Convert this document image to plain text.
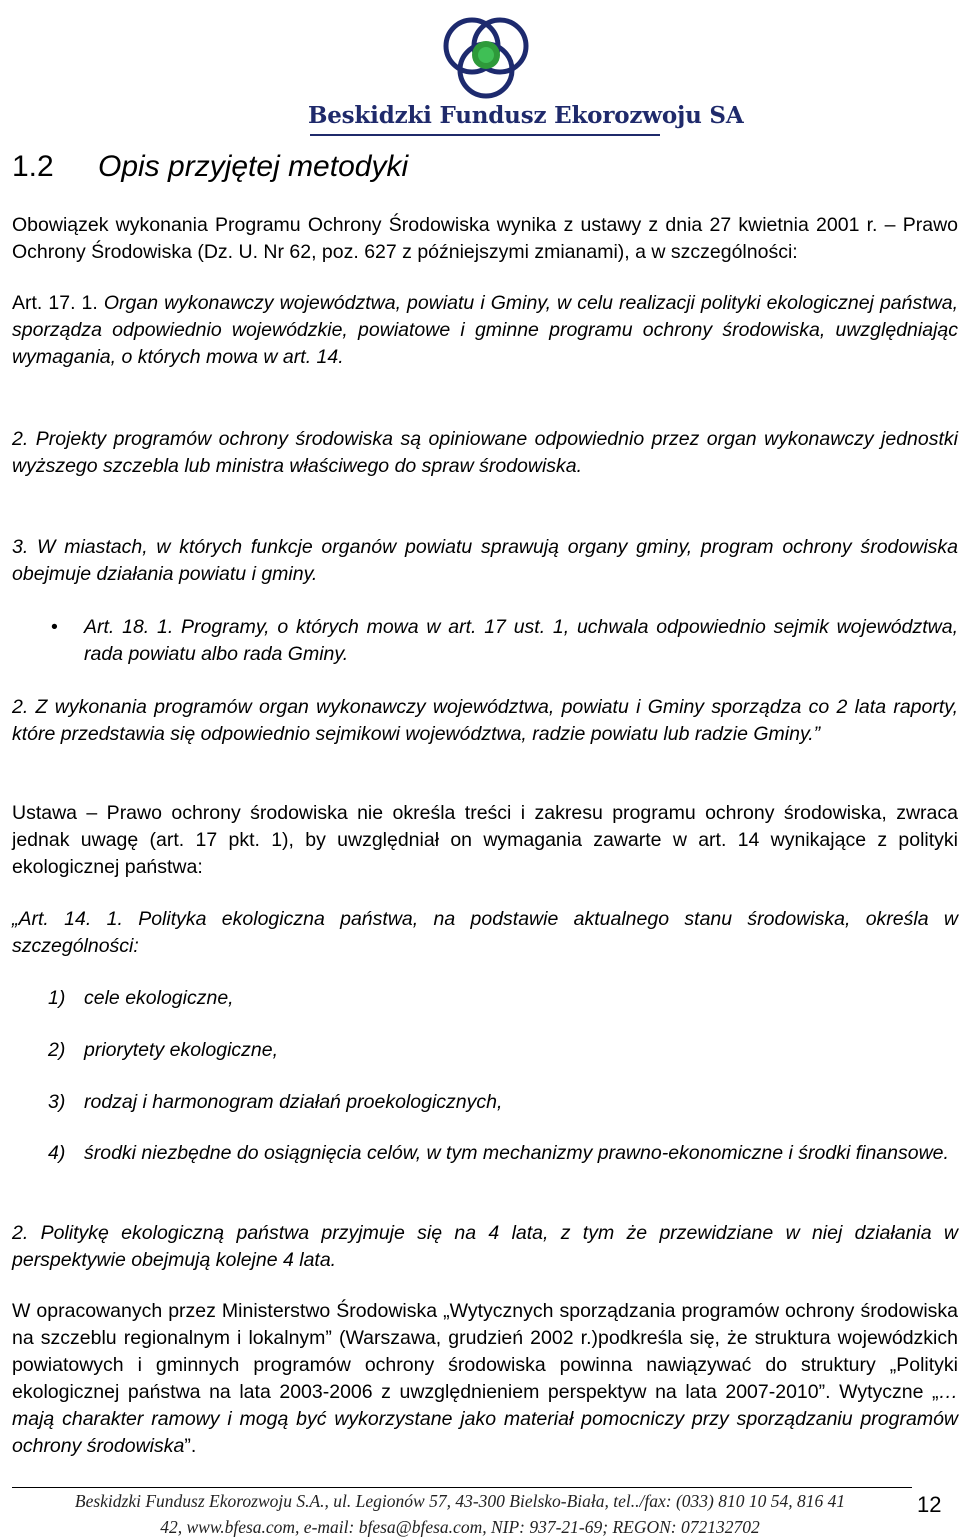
Beskidzki Fundusz Ekorozwoju SA
1.2 Opis przyjętej metodyki
Obowiązek wykonania Programu Ochrony Środowiska wynika z ustawy z dnia 27 kwietnia 2001 r. – Prawo Ochrony Środowiska (Dz. U. Nr 62, poz. 627 z późniejszymi zmianami), a w szczególności:
Art. 17. 1. Organ wykonawczy województwa, powiatu i Gminy, w celu realizacji polityki ekologicznej państwa, sporządza odpowiednio wojewódzkie, powiatowe i gminne programu ochrony środowiska, uwzględniając wymagania, o których mowa w art. 14.
2. Projekty programów ochrony środowiska są opiniowane odpowiednio przez organ wykonawczy jednostki wyższego szczebla lub ministra właściwego do spraw środowiska.
3. W miastach, w których funkcje organów powiatu sprawują organy gminy, program ochrony środowiska obejmuje działania powiatu i gminy.
• Art. 18. 1. Programy, o których mowa w art. 17 ust. 1, uchwala odpowiednio sejmik województwa, rada powiatu albo rada Gminy.
2. Z wykonania programów organ wykonawczy województwa, powiatu i Gminy sporządza co 2 lata raporty, które przedstawia się odpowiednio sejmikowi województwa, radzie powiatu lub radzie Gminy.”
Ustawa – Prawo ochrony środowiska nie określa treści i zakresu programu ochrony środowiska, zwraca jednak uwagę (art. 17 pkt. 1), by uwzględniał on wymagania zawarte w art. 14 wynikające z polityki ekologicznej państwa:
„Art. 14. 1. Polityka ekologiczna państwa, na podstawie aktualnego stanu środowiska, określa w szczególności:
1) cele ekologiczne,
2) priorytety ekologiczne,
3) rodzaj i harmonogram działań proekologicznych,
4) środki niezbędne do osiągnięcia celów, w tym mechanizmy prawno-ekonomiczne i środki finansowe.
2. Politykę ekologiczną państwa przyjmuje się na 4 lata, z tym że przewidziane w niej działania w perspektywie obejmują kolejne 4 lata.
W opracowanych przez Ministerstwo Środowiska „Wytycznych sporządzania programów ochrony środowiska na szczeblu regionalnym i lokalnym” (Warszawa, grudzień 2002 r.)podkreśla się, że struktura wojewódzkich powiatowych i gminnych programów ochrony środowiska powinna nawiązywać do struktury „Polityki ekologicznej państwa na lata 2003-2006 z uwzględnieniem perspektyw na lata 2007-2010”. Wytyczne „…mają charakter ramowy i mogą być wykorzystane jako materiał pomocniczy przy sporządzaniu programów ochrony środowiska”.
Beskidzki Fundusz Ekorozwoju S.A., ul. Legionów 57, 43-300 Bielsko-Biała, tel../fax: (033) 810 10 54, 816 41
42, www.bfesa.com, e-mail: bfesa@bfesa.com, NIP: 937-21-69; REGON: 072132702
12
